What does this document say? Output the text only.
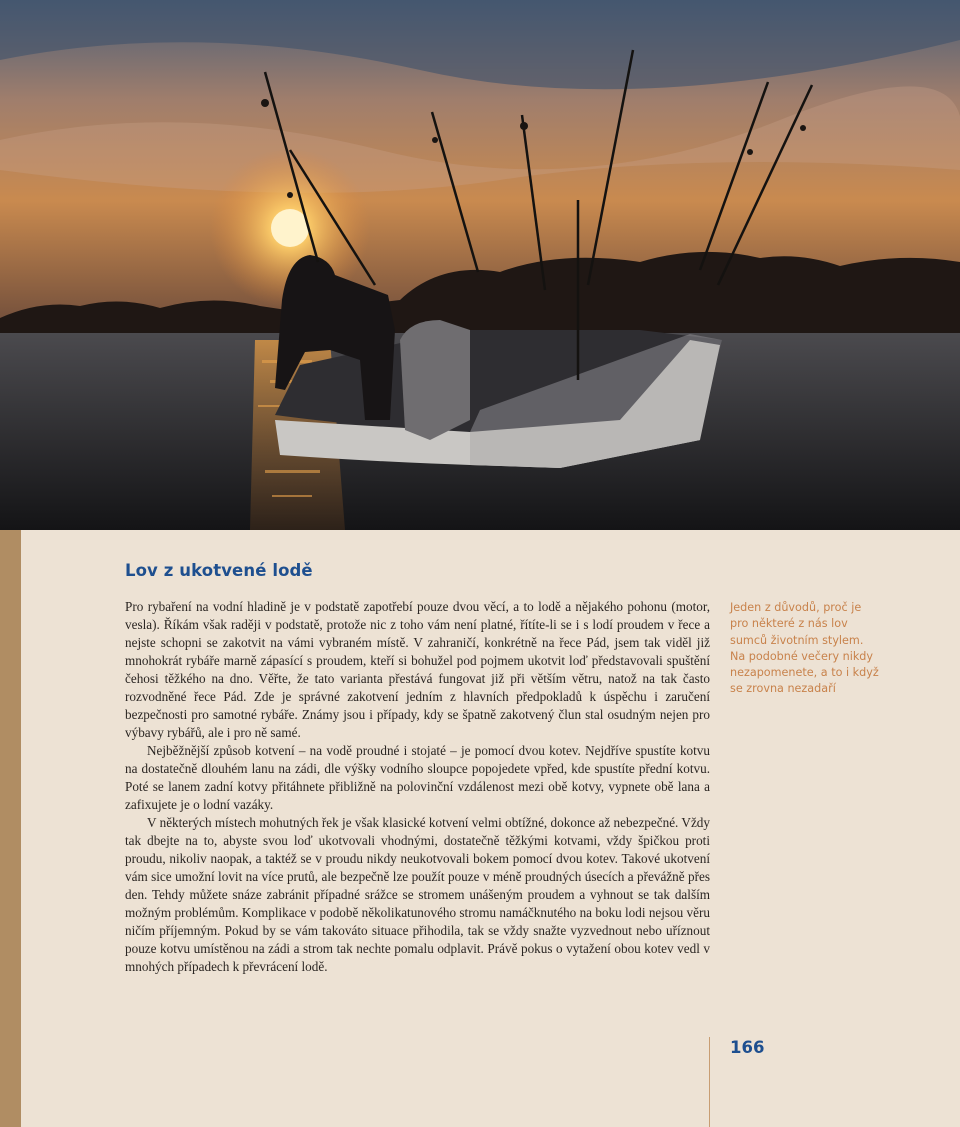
Lov z ukotvené lodě

Pro rybaření na vodní hladině je v podstatě zapotřebí pouze dvou věcí, a to lodě a nějakého pohonu (motor, vesla). Říkám však raději v podstatě, protože nic z toho vám není platné, řítíte-li se i s lodí proudem v řece a nejste schopni se zakotvit na vámi vybraném místě. V zahraničí, konkrétně na řece Pád, jsem tak viděl již mnohokrát rybáře marně zápasící s proudem, kteří si bohužel pod pojmem ukotvit loď představovali spuštění čehosi těžkého na dno. Věřte, že tato varianta přestává fungovat již při větším větru, natož na tak často rozvodněné řece Pád. Zde je správné zakotvení jedním z hlavních předpokladů k úspěchu i zaručení bezpečnosti pro samotné rybáře. Známy jsou i případy, kdy se špatně zakotvený člun stal osudným nejen pro výbavy rybářů, ale i pro ně samé.

Nejběžnější způsob kotvení – na vodě proudné i stojaté – je pomocí dvou kotev. Nejdříve spustíte kotvu na dostatečně dlouhém lanu na zádi, dle výšky vodního sloupce popojedete vpřed, kde spustíte přední kotvu. Poté se lanem zadní kotvy přitáhnete přibližně na polovinční vzdálenost mezi obě kotvy, vypnete obě lana a zafixujete je o lodní vazáky.

V některých místech mohutných řek je však klasické kotvení velmi obtížné, dokonce až nebezpečné. Vždy tak dbejte na to, abyste svou loď ukotvovali vhodnými, dostatečně těžkými kotvami, vždy špičkou proti proudu, nikoliv naopak, a taktéž se v proudu nikdy neukotvovali bokem pomocí dvou kotev. Takové ukotvení vám sice umožní lovit na více prutů, ale bezpečně lze použít pouze v méně proudných úsecích a převážně přes den. Tehdy můžete snáze zabránit případné srážce se stromem unášeným proudem a vyhnout se tak dalším možným problémům. Komplikace v podobě několikatunového stromu namáčknutého na boku lodi nejsou věru ničím příjemným. Pokud by se vám takováto situace přihodila, tak se vždy snažte vyzvednout nebo uříznout pouze kotvu umístěnou na zádi a strom tak nechte pomalu odplavit. Právě pokus o vytažení obou kotev vedl v mnohých případech k převrácení lodě.

Jeden z důvodů, proč je pro některé z nás lov sumců životním stylem. Na podobné večery nikdy nezapomenete, a to i když se zrovna nezadaří
166
